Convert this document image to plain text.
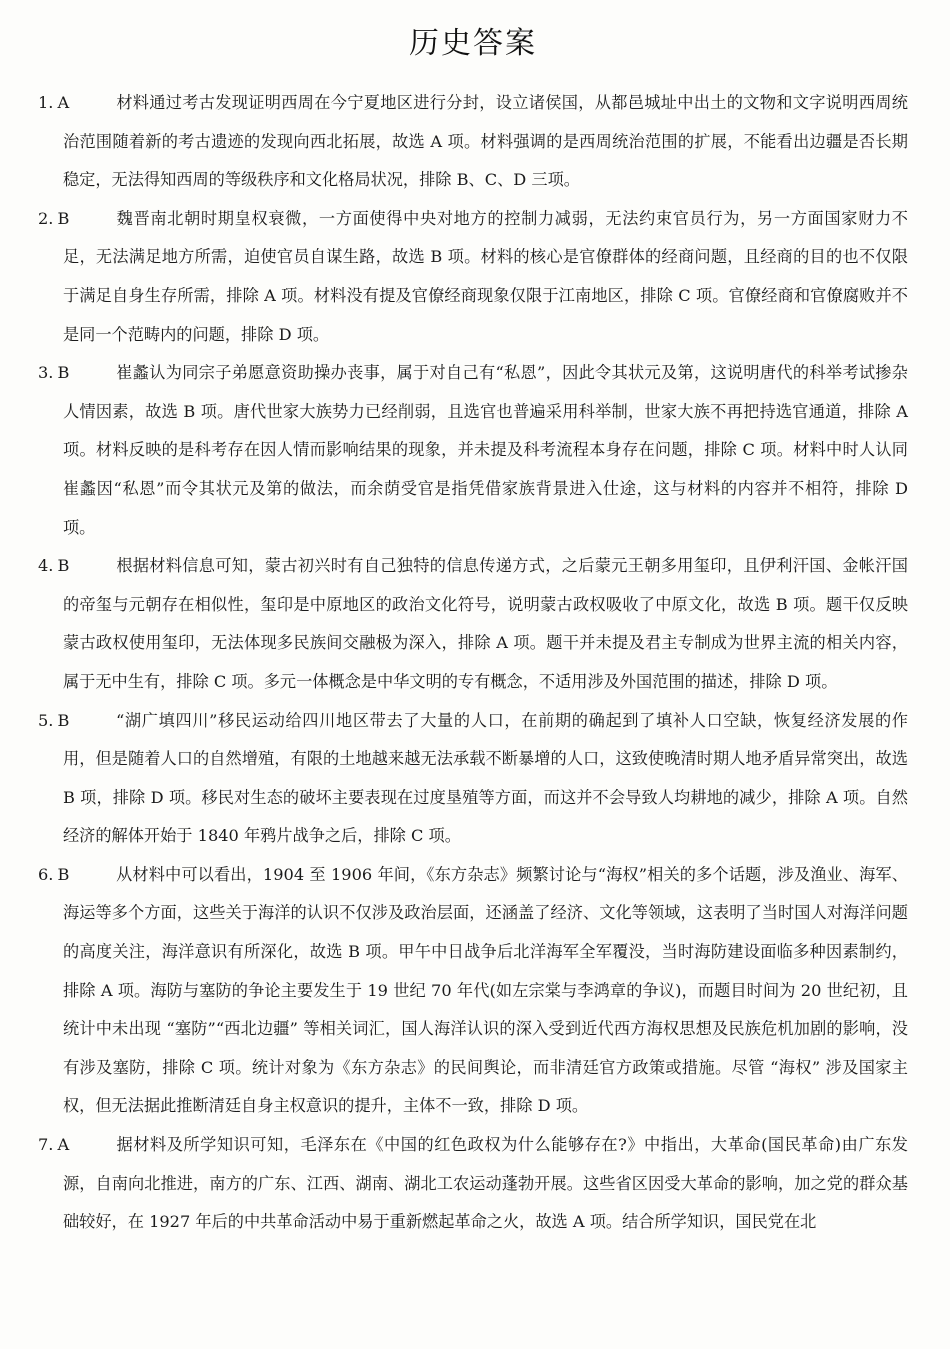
历史答案
1. A	材料通过考古发现证明西周在今宁夏地区进行分封，设立诸侯国，从都邑城址中出土的文物和文字说明西周统治范围随着新的考古遗迹的发现向西北拓展，故选 A 项。材料强调的是西周统治范围的扩展，不能看出边疆是否长期稳定，无法得知西周的等级秩序和文化格局状况，排除 B、C、D 三项。
2. B	魏晋南北朝时期皇权衰微，一方面使得中央对地方的控制力减弱，无法约束官员行为，另一方面国家财力不足，无法满足地方所需，迫使官员自谋生路，故选 B 项。材料的核心是官僚群体的经商问题，且经商的目的也不仅限于满足自身生存所需，排除 A 项。材料没有提及官僚经商现象仅限于江南地区，排除 C 项。官僚经商和官僚腐败并不是同一个范畴内的问题，排除 D 项。
3. B	崔蠡认为同宗子弟愿意资助操办丧事，属于对自己有“私恩”，因此令其状元及第，这说明唐代的科举考试掺杂人情因素，故选 B 项。唐代世家大族势力已经削弱，且选官也普遍采用科举制，世家大族不再把持选官通道，排除 A 项。材料反映的是科考存在因人情而影响结果的现象，并未提及科考流程本身存在问题，排除 C 项。材料中时人认同崔蠡因“私恩”而令其状元及第的做法，而余荫受官是指凭借家族背景进入仕途，这与材料的内容并不相符，排除 D 项。
4. B	根据材料信息可知，蒙古初兴时有自己独特的信息传递方式，之后蒙元王朝多用玺印，且伊利汗国、金帐汗国的帝玺与元朝存在相似性，玺印是中原地区的政治文化符号，说明蒙古政权吸收了中原文化，故选 B 项。题干仅反映蒙古政权使用玺印，无法体现多民族间交融极为深入，排除 A 项。题干并未提及君主专制成为世界主流的相关内容，属于无中生有，排除 C 项。多元一体概念是中华文明的专有概念，不适用涉及外国范围的描述，排除 D 项。
5. B	“湖广填四川”移民运动给四川地区带去了大量的人口，在前期的确起到了填补人口空缺，恢复经济发展的作用，但是随着人口的自然增殖，有限的土地越来越无法承载不断暴增的人口，这致使晚清时期人地矛盾异常突出，故选 B 项，排除 D 项。移民对生态的破坏主要表现在过度垦殖等方面，而这并不会导致人均耕地的减少，排除 A 项。自然经济的解体开始于 1840 年鸦片战争之后，排除 C 项。
6. B	从材料中可以看出，1904 至 1906 年间，《东方杂志》频繁讨论与“海权”相关的多个话题，涉及渔业、海军、海运等多个方面，这些关于海洋的认识不仅涉及政治层面，还涵盖了经济、文化等领域，这表明了当时国人对海洋问题的高度关注，海洋意识有所深化，故选 B 项。甲午中日战争后北洋海军全军覆没，当时海防建设面临多种因素制约，排除 A 项。海防与塞防的争论主要发生于 19 世纪 70 年代(如左宗棠与李鸿章的争议)，而题目时间为 20 世纪初，且统计中未出现 “塞防”“西北边疆” 等相关词汇，国人海洋认识的深入受到近代西方海权思想及民族危机加剧的影响，没有涉及塞防，排除 C 项。统计对象为《东方杂志》的民间舆论，而非清廷官方政策或措施。尽管 “海权” 涉及国家主权，但无法据此推断清廷自身主权意识的提升，主体不一致，排除 D 项。
7. A	据材料及所学知识可知，毛泽东在《中国的红色政权为什么能够存在?》中指出，大革命(国民革命)由广东发源，自南向北推进，南方的广东、江西、湖南、湖北工农运动蓬勃开展。这些省区因受大革命的影响，加之党的群众基础较好，在 1927 年后的中共革命活动中易于重新燃起革命之火，故选 A 项。结合所学知识，国民党在北
